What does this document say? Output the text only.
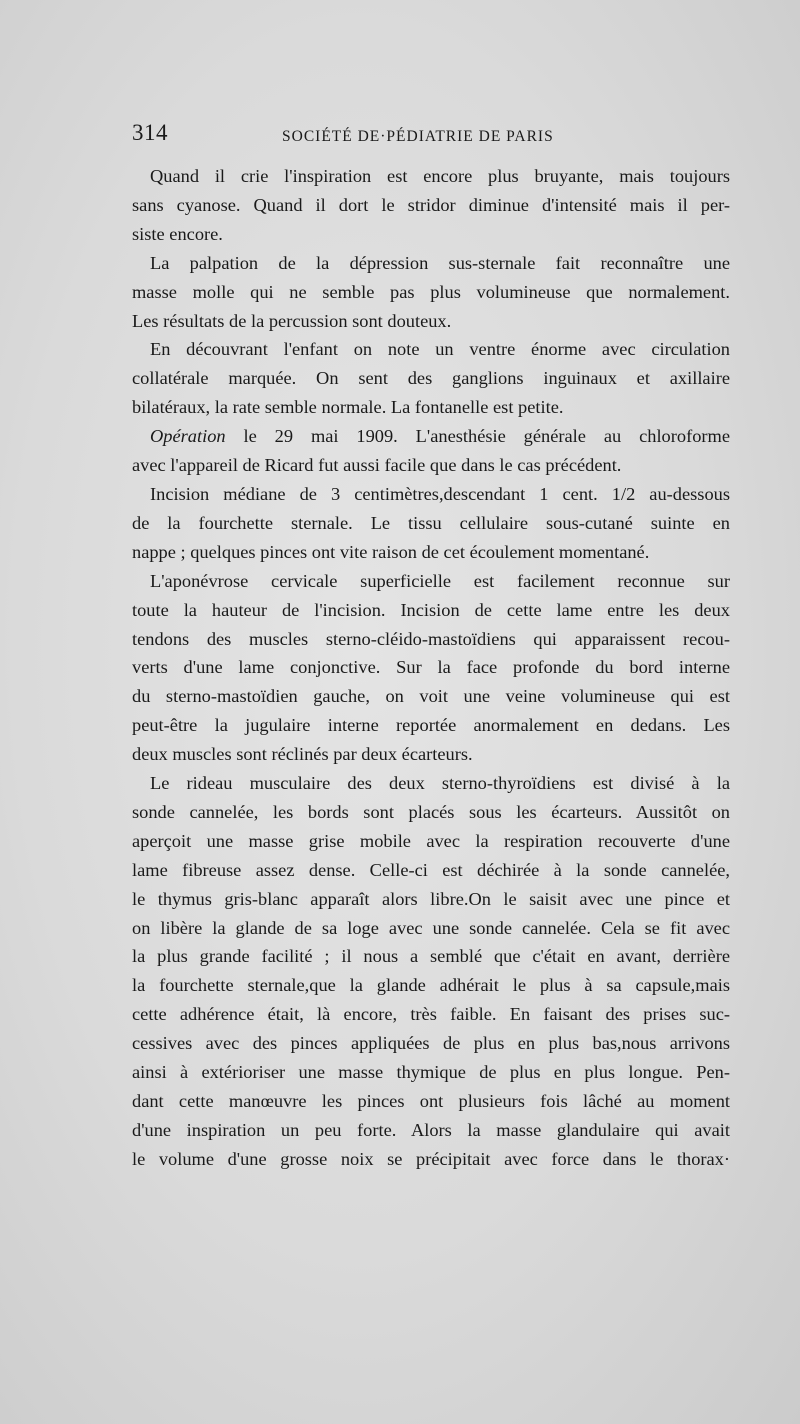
314	SOCIÉTÉ DE·PÉDIATRIE DE PARIS
Quand il crie l'inspiration est encore plus bruyante, mais toujours
sans cyanose. Quand il dort le stridor diminue d'intensité mais il per-
siste encore.
La palpation de la dépression sus-sternale fait reconnaître une
masse molle qui ne semble pas plus volumineuse que normalement.
Les résultats de la percussion sont douteux.
En découvrant l'enfant on note un ventre énorme avec circulation
collatérale marquée. On sent des ganglions inguinaux et axillaire
bilatéraux, la rate semble normale. La fontanelle est petite.
Opération le 29 mai 1909. L'anesthésie générale au chloroforme
avec l'appareil de Ricard fut aussi facile que dans le cas précédent.
Incision médiane de 3 centimètres,descendant 1 cent. 1/2 au-dessous
de la fourchette sternale. Le tissu cellulaire sous-cutané suinte en
nappe ; quelques pinces ont vite raison de cet écoulement momentané.
L'aponévrose cervicale superficielle est facilement reconnue sur
toute la hauteur de l'incision. Incision de cette lame entre les deux
tendons des muscles sterno-cléido-mastoïdiens qui apparaissent recou-
verts d'une lame conjonctive. Sur la face profonde du bord interne
du sterno-mastoïdien gauche, on voit une veine volumineuse qui est
peut-être la jugulaire interne reportée anormalement en dedans. Les
deux muscles sont réclinés par deux écarteurs.
Le rideau musculaire des deux sterno-thyroïdiens est divisé à la
sonde cannelée, les bords sont placés sous les écarteurs. Aussitôt on
aperçoit une masse grise mobile avec la respiration recouverte d'une
lame fibreuse assez dense. Celle-ci est déchirée à la sonde cannelée,
le thymus gris-blanc apparaît alors libre.On le saisit avec une pince et
on libère la glande de sa loge avec une sonde cannelée. Cela se fit avec
la plus grande facilité ; il nous a semblé que c'était en avant, derrière
la fourchette sternale,que la glande adhérait le plus à sa capsule,mais
cette adhérence était, là encore, très faible. En faisant des prises suc-
cessives avec des pinces appliquées de plus en plus bas,nous arrivons
ainsi à extérioriser une masse thymique de plus en plus longue. Pen-
dant cette manœuvre les pinces ont plusieurs fois lâché au moment
d'une inspiration un peu forte. Alors la masse glandulaire qui avait
le volume d'une grosse noix se précipitait avec force dans le thorax·
